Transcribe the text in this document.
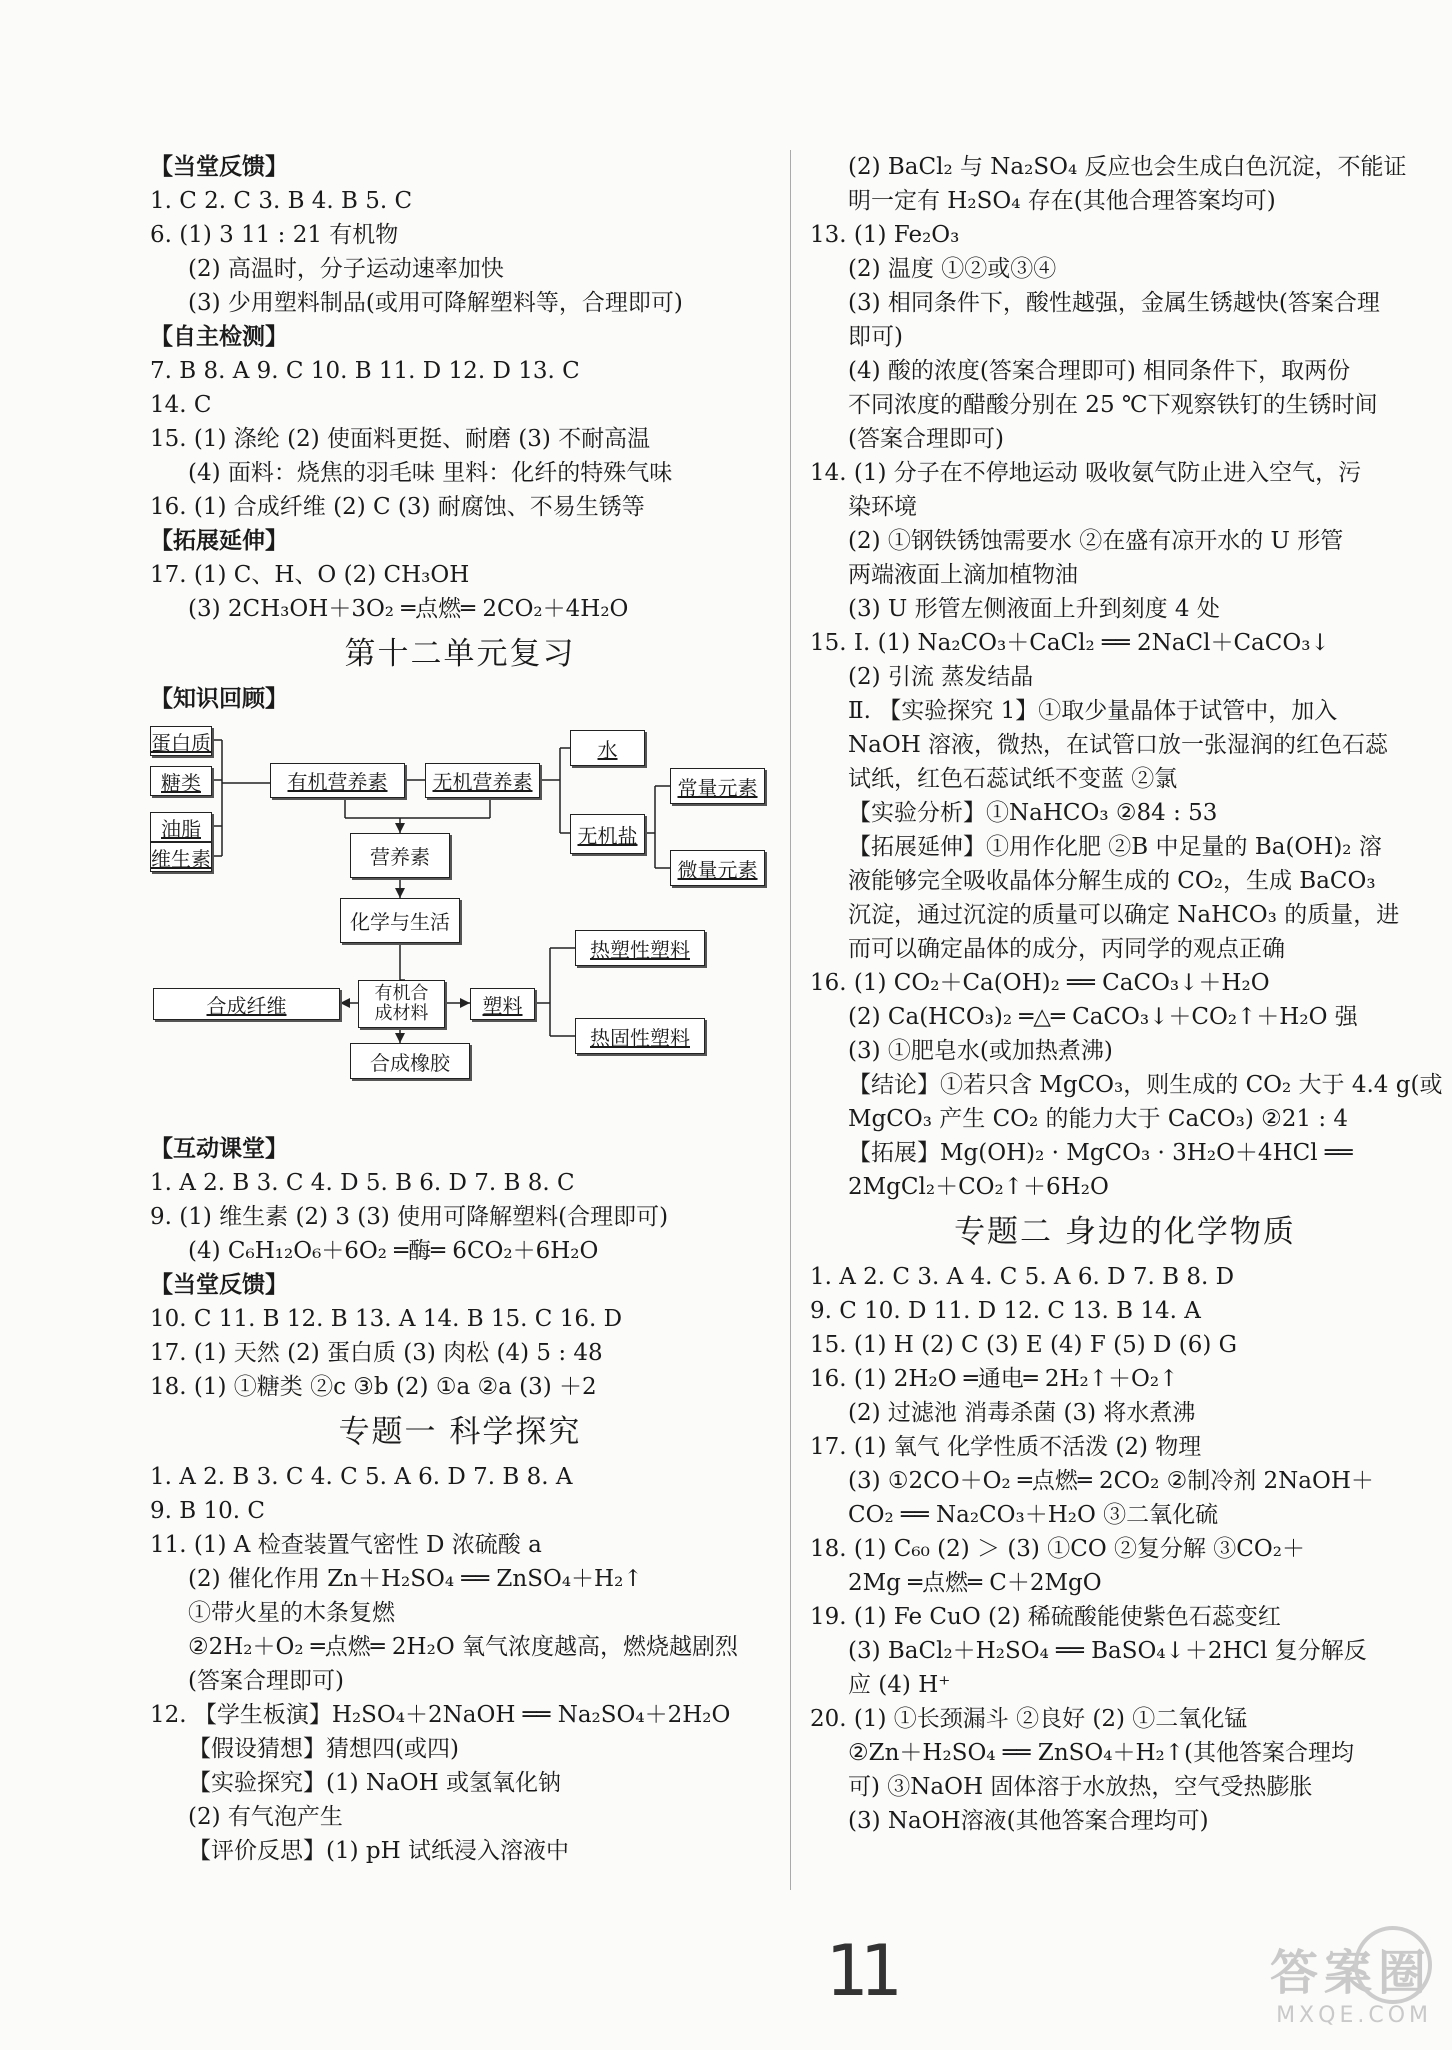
【当堂反馈】
1. C 2. C 3. B 4. B 5. C
6. (1) 3 11 : 21 有机物
(2) 高温时，分子运动速率加快
(3) 少用塑料制品(或用可降解塑料等，合理即可)
【自主检测】
7. B 8. A 9. C 10. B 11. D 12. D 13. C
14. C
15. (1) 涤纶 (2) 使面料更挺、耐磨 (3) 不耐高温
(4) 面料：烧焦的羽毛味 里料：化纤的特殊气味
16. (1) 合成纤维 (2) C (3) 耐腐蚀、不易生锈等
【拓展延伸】
17. (1) C、H、O (2) CH₃OH
(3) 2CH₃OH＋3O₂ ═点燃═ 2CO₂＋4H₂O
第十二单元复习
【知识回顾】
蛋白质
糖类
油脂
维生素
有机营养素 无机营养素
水
无机盐
常量元素
微量元素
营养素
化学与生活
合成纤维	有机合成材料	塑料
热塑性塑料
热固性塑料
合成橡胶
【互动课堂】
1. A 2. B 3. C 4. D 5. B 6. D 7. B 8. C
9. (1) 维生素 (2) 3 (3) 使用可降解塑料(合理即可)
(4) C₆H₁₂O₆＋6O₂ ═酶═ 6CO₂＋6H₂O
【当堂反馈】
10. C 11. B 12. B 13. A 14. B 15. C 16. D
17. (1) 天然 (2) 蛋白质 (3) 肉松 (4) 5 : 48
18. (1) ①糖类 ②c ③b (2) ①a ②a (3) ＋2
专题一 科学探究
1. A 2. B 3. C 4. C 5. A 6. D 7. B 8. A
9. B 10. C
11. (1) A 检查装置气密性 D 浓硫酸 a
(2) 催化作用 Zn＋H₂SO₄ ══ ZnSO₄＋H₂↑
①带火星的木条复燃
②2H₂＋O₂ ═点燃═ 2H₂O 氧气浓度越高，燃烧越剧烈
(答案合理即可)
12. 【学生板演】H₂SO₄＋2NaOH ══ Na₂SO₄＋2H₂O
【假设猜想】猜想四(或四)
【实验探究】(1) NaOH 或氢氧化钠
(2) 有气泡产生
【评价反思】(1) pH 试纸浸入溶液中
(2) BaCl₂ 与 Na₂SO₄ 反应也会生成白色沉淀，不能证
明一定有 H₂SO₄ 存在(其他合理答案均可)
13. (1) Fe₂O₃
(2) 温度 ①②或③④
(3) 相同条件下，酸性越强，金属生锈越快(答案合理
即可)
(4) 酸的浓度(答案合理即可) 相同条件下，取两份
不同浓度的醋酸分别在 25 ℃下观察铁钉的生锈时间
(答案合理即可)
14. (1) 分子在不停地运动 吸收氨气防止进入空气，污
染环境
(2) ①钢铁锈蚀需要水 ②在盛有凉开水的 U 形管
两端液面上滴加植物油
(3) U 形管左侧液面上升到刻度 4 处
15. Ⅰ. (1) Na₂CO₃＋CaCl₂ ══ 2NaCl＋CaCO₃↓
(2) 引流 蒸发结晶
Ⅱ. 【实验探究 1】①取少量晶体于试管中，加入
NaOH 溶液，微热，在试管口放一张湿润的红色石蕊
试纸，红色石蕊试纸不变蓝 ②氯
【实验分析】①NaHCO₃ ②84 : 53
【拓展延伸】①用作化肥 ②B 中足量的 Ba(OH)₂ 溶
液能够完全吸收晶体分解生成的 CO₂，生成 BaCO₃
沉淀，通过沉淀的质量可以确定 NaHCO₃ 的质量，进
而可以确定晶体的成分，丙同学的观点正确
16. (1) CO₂＋Ca(OH)₂ ══ CaCO₃↓＋H₂O
(2) Ca(HCO₃)₂ ═△═ CaCO₃↓＋CO₂↑＋H₂O 强
(3) ①肥皂水(或加热煮沸)
【结论】①若只含 MgCO₃，则生成的 CO₂ 大于 4.4 g(或
MgCO₃ 产生 CO₂ 的能力大于 CaCO₃) ②21 : 4
【拓展】Mg(OH)₂ · MgCO₃ · 3H₂O＋4HCl ══
2MgCl₂＋CO₂↑＋6H₂O
专题二 身边的化学物质
1. A 2. C 3. A 4. C 5. A 6. D 7. B 8. D
9. C 10. D 11. D 12. C 13. B 14. A
15. (1) H (2) C (3) E (4) F (5) D (6) G
16. (1) 2H₂O ═通电═ 2H₂↑＋O₂↑
(2) 过滤池 消毒杀菌 (3) 将水煮沸
17. (1) 氧气 化学性质不活泼 (2) 物理
(3) ①2CO＋O₂ ═点燃═ 2CO₂ ②制冷剂 2NaOH＋
CO₂ ══ Na₂CO₃＋H₂O ③二氧化硫
18. (1) C₆₀ (2) ＞ (3) ①CO ②复分解 ③CO₂＋
2Mg ═点燃═ C＋2MgO
19. (1) Fe CuO (2) 稀硫酸能使紫色石蕊变红
(3) BaCl₂＋H₂SO₄ ══ BaSO₄↓＋2HCl 复分解反
应 (4) H⁺
20. (1) ①长颈漏斗 ②良好 (2) ①二氧化锰
②Zn＋H₂SO₄ ══ ZnSO₄＋H₂↑(其他答案合理均
可) ③NaOH 固体溶于水放热，空气受热膨胀
(3) NaOH溶液(其他答案合理均可)
11	答案圈
MXQE.COM
